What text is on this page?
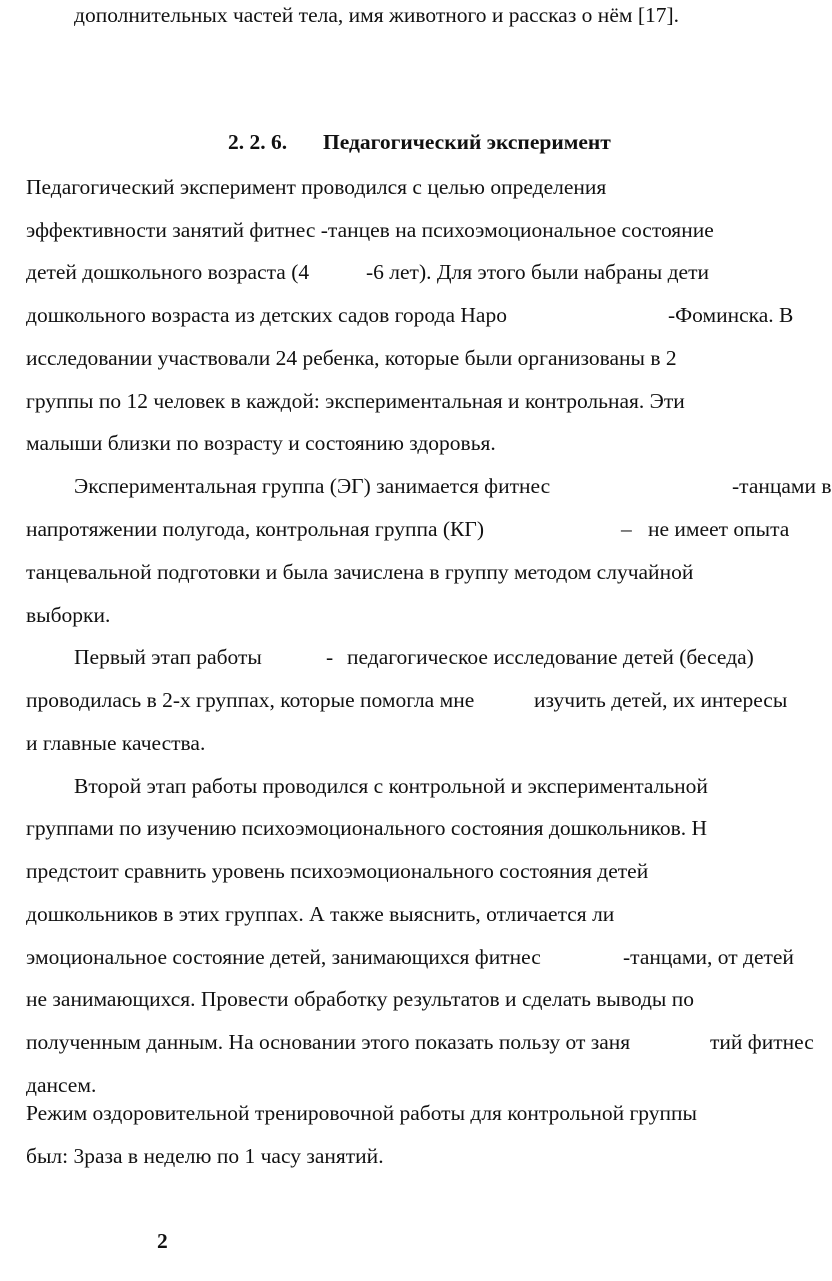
дополнительных частей тела, имя животного и рассказ о нём [17].
2. 2. 6. Педагогический эксперимент
Педагогический эксперимент проводился с целью определения
эффективности занятий фитнес -танцев на психоэмоциональное состояние
детей дошкольного возраста (4	-6 лет). Для этого были набраны дети
дошкольного возраста из детских садов города Наро	-Фоминска. В
исследовании участвовали 24 ребенка, которые были организованы в 2
группы по 12 человек в каждой: экспериментальная и контрольная. Эти
малыши близки по возрасту и состоянию здоровья.
Экспериментальная группа (ЭГ) занимается фитнес	-танцами в
напротяжении полугода, контрольная группа (КГ)	– не имеет опыта
танцевальной подготовки и была зачислена в группу методом случайной
выборки.
Первый этап работы	- педагогическое исследование детей (беседа)
проводилась в 2-х группах, которые помогла мне	изучить детей, их интересы
и главные качества.
Второй этап работы проводился с контрольной и экспериментальной
группами по изучению психоэмоционального состояния дошкольников. Н
предстоит сравнить уровень психоэмоционального состояния детей
дошкольников в этих группах. А также выяснить, отличается ли
эмоциональное состояние детей, занимающихся фитнес	-танцами, от детей
не занимающихся. Провести обработку результатов и сделать выводы по
полученным данным. На основании этого показать пользу от заня	тий фитнес
дансем.
Режим оздоровительной тренировочной работы для контрольной группы
был: 3раза в неделю по 1 часу занятий.
2
